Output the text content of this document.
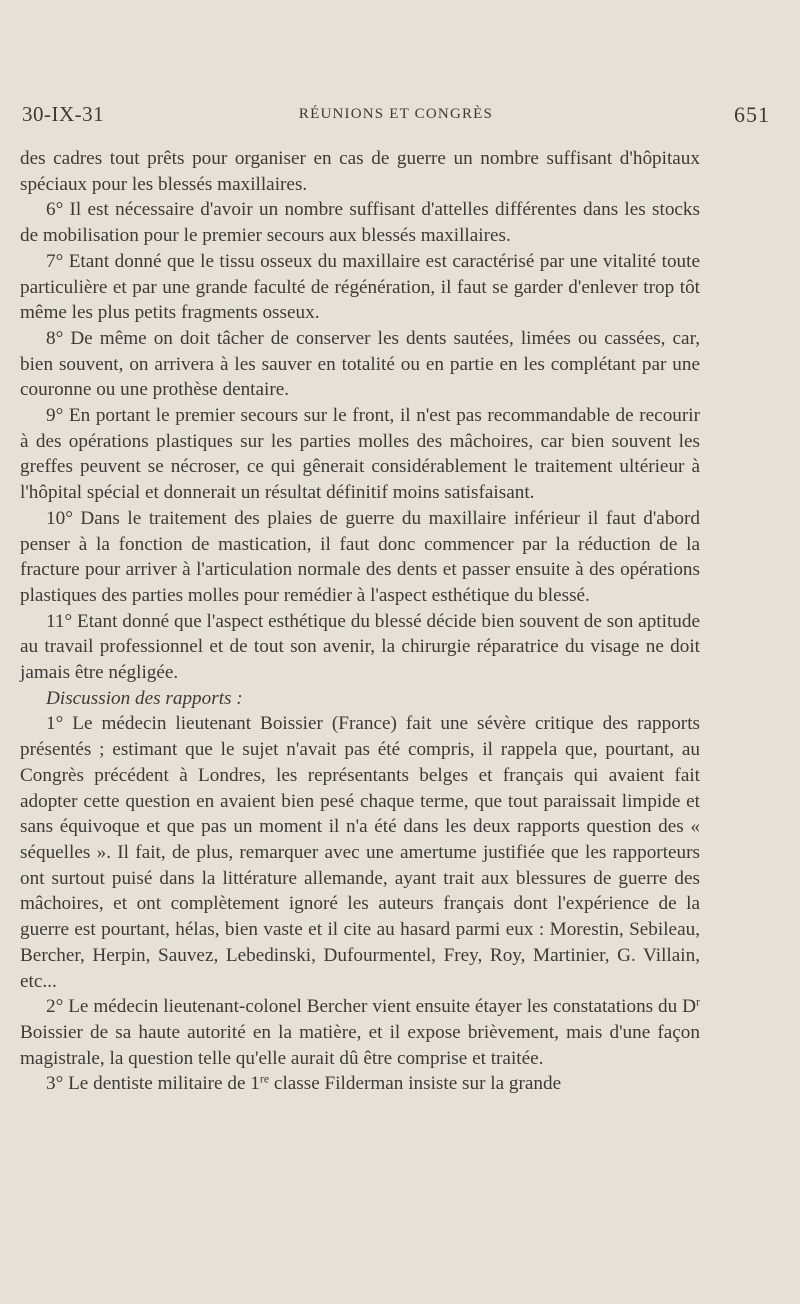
30-IX-31	RÉUNIONS ET CONGRÈS	651

des cadres tout prêts pour organiser en cas de guerre un nombre suffisant d'hôpitaux spéciaux pour les blessés maxillaires.

6° Il est nécessaire d'avoir un nombre suffisant d'attelles différentes dans les stocks de mobilisation pour le premier secours aux blessés maxillaires.

7° Etant donné que le tissu osseux du maxillaire est caractérisé par une vitalité toute particulière et par une grande faculté de régénération, il faut se garder d'enlever trop tôt même les plus petits fragments osseux.

8° De même on doit tâcher de conserver les dents sautées, limées ou cassées, car, bien souvent, on arrivera à les sauver en totalité ou en partie en les complétant par une couronne ou une prothèse dentaire.

9° En portant le premier secours sur le front, il n'est pas recommandable de recourir à des opérations plastiques sur les parties molles des mâchoires, car bien souvent les greffes peuvent se nécroser, ce qui gênerait considérablement le traitement ultérieur à l'hôpital spécial et donnerait un résultat définitif moins satisfaisant.

10° Dans le traitement des plaies de guerre du maxillaire inférieur il faut d'abord penser à la fonction de mastication, il faut donc commencer par la réduction de la fracture pour arriver à l'articulation normale des dents et passer ensuite à des opérations plastiques des parties molles pour remédier à l'aspect esthétique du blessé.

11° Etant donné que l'aspect esthétique du blessé décide bien souvent de son aptitude au travail professionnel et de tout son avenir, la chirurgie réparatrice du visage ne doit jamais être négligée.

Discussion des rapports :

1° Le médecin lieutenant Boissier (France) fait une sévère critique des rapports présentés ; estimant que le sujet n'avait pas été compris, il rappela que, pourtant, au Congrès précédent à Londres, les représentants belges et français qui avaient fait adopter cette question en avaient bien pesé chaque terme, que tout paraissait limpide et sans équivoque et que pas un moment il n'a été dans les deux rapports question des « séquelles ». Il fait, de plus, remarquer avec une amertume justifiée que les rapporteurs ont surtout puisé dans la littérature allemande, ayant trait aux blessures de guerre des mâchoires, et ont complètement ignoré les auteurs français dont l'expérience de la guerre est pourtant, hélas, bien vaste et il cite au hasard parmi eux : Morestin, Sebileau, Bercher, Herpin, Sauvez, Lebedinski, Dufourmentel, Frey, Roy, Martinier, G. Villain, etc...

2° Le médecin lieutenant-colonel Bercher vient ensuite étayer les constatations du $D^r$ Boissier de sa haute autorité en la matière, et il expose brièvement, mais d'une façon magistrale, la question telle qu'elle aurait dû être comprise et traitée.

3° Le dentiste militaire de 1re classe Filderman insiste sur la grande
